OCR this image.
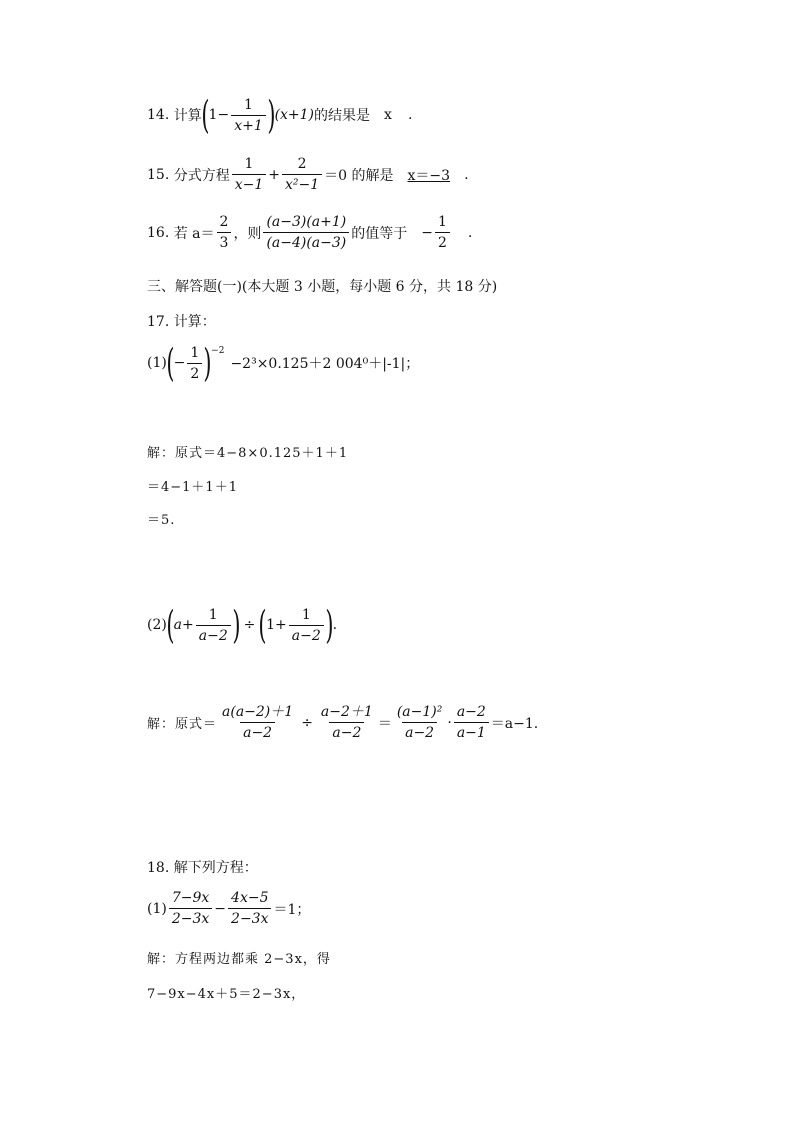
14.
计算 ( $1- \frac{1}{x+1}$ ) (x+1) 的结果是 x .
15.
分式方程 $\frac{1}{x-1} + \frac{2}{\text{x²−1}} =0$ 的解是	x＝−3	.
16.
若 $a= \frac{2}{3}$ ，则 $\frac{(a-3)(a+1)}{(a-4)(a-3)}$ 的值等于 − $\frac{1}{2}$ .
三、解答题(一)(本大题 3 小题，每小题 6 分，共 18 分)
17. 计算：
(1) ( − $\frac{1}{2} )^{-2}$
−2³×0.125＋2 004⁰＋|-1|；
解：原式＝4−8×0.125＋1＋1
＝4−1＋1＋1
＝5.
(2) ( $a + \frac{1}{a-2}$ ) ÷ ( $1+ \frac{1}{a-2}$ ) .
解：原式＝ $\frac{a(a-2)+1}{a-2} \div \frac{a-2+1}{a-2} = \frac{\text{(a−1)²}}{a-2} \cdot \frac{a-2}{a-1} =a-1$.
18. 解下列方程：
$(1) \frac{7-9x}{2-3x} - \frac{4x-5}{2-3x} =1$；
解：方程两边都乘 2−3x，得
7−9x−4x＋5＝2−3x，
